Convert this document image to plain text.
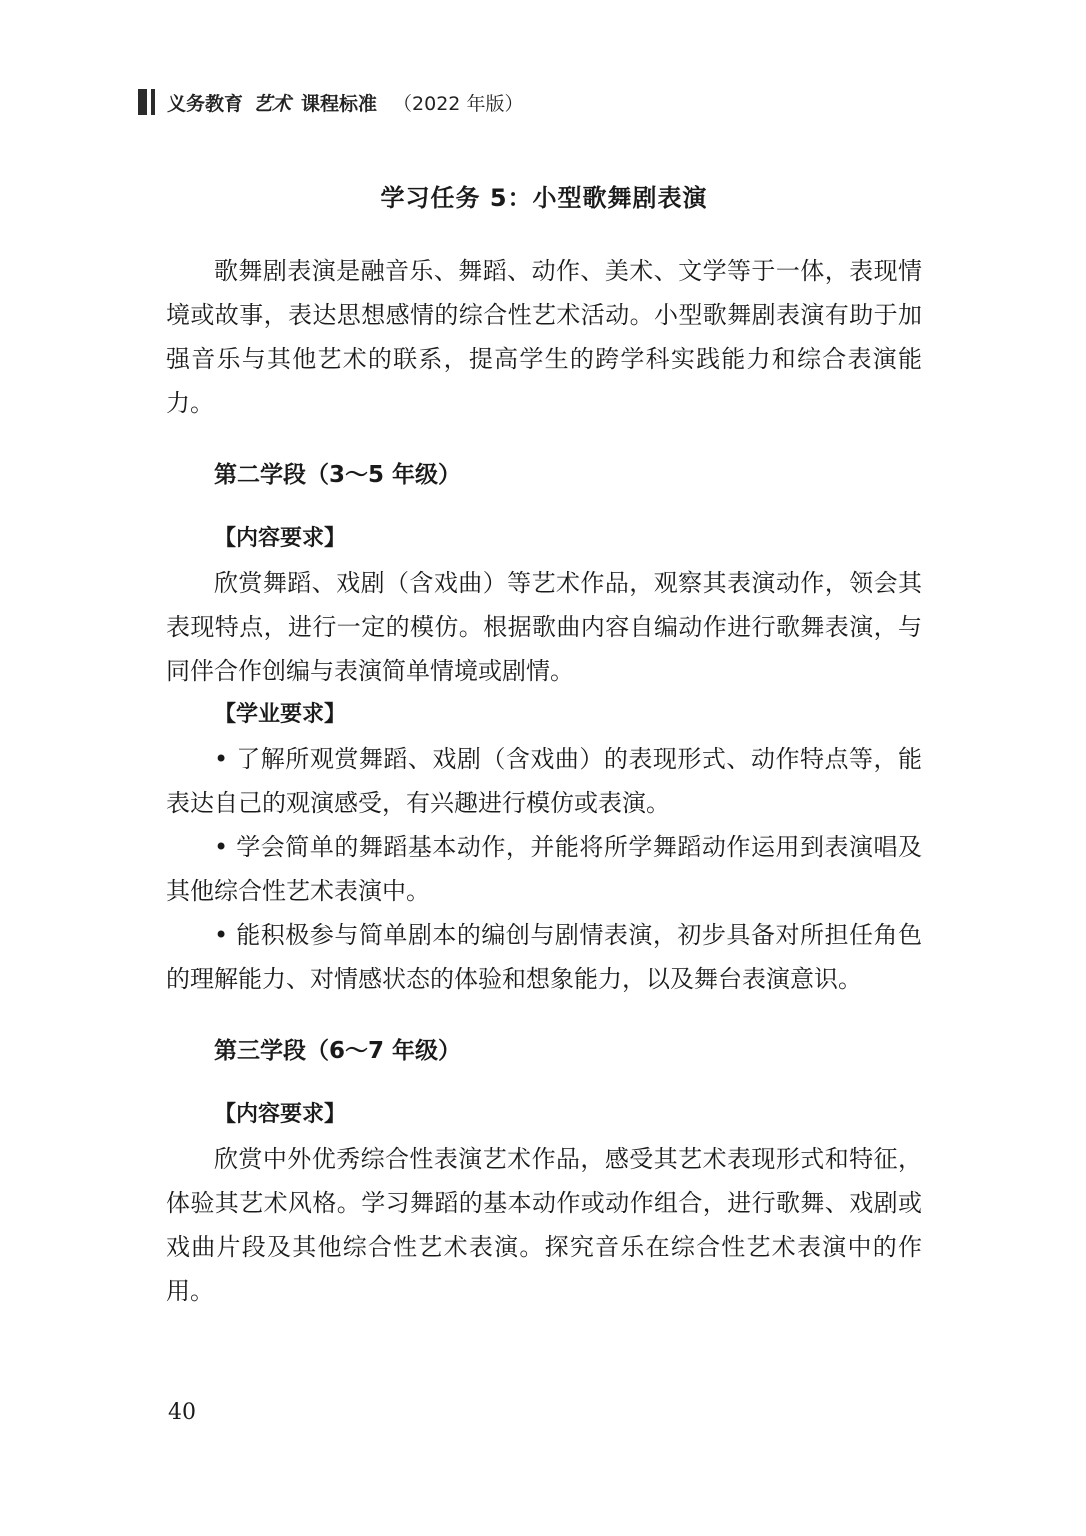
义务教育 艺术 课程标准 （2022 年版）
学习任务 5：小型歌舞剧表演

歌舞剧表演是融音乐、舞蹈、动作、美术、文学等于一体，表现情境或故事，表达思想感情的综合性艺术活动。小型歌舞剧表演有助于加强音乐与其他艺术的联系，提高学生的跨学科实践能力和综合表演能力。

第二学段（3～5 年级）
【内容要求】

欣赏舞蹈、戏剧（含戏曲）等艺术作品，观察其表演动作，领会其表现特点，进行一定的模仿。根据歌曲内容自编动作进行歌舞表演，与同伴合作创编与表演简单情境或剧情。

【学业要求】

• 了解所观赏舞蹈、戏剧（含戏曲）的表现形式、动作特点等，能表达自己的观演感受，有兴趣进行模仿或表演。

• 学会简单的舞蹈基本动作，并能将所学舞蹈动作运用到表演唱及其他综合性艺术表演中。

• 能积极参与简单剧本的编创与剧情表演，初步具备对所担任角色的理解能力、对情感状态的体验和想象能力，以及舞台表演意识。

第三学段（6～7 年级）
【内容要求】

欣赏中外优秀综合性表演艺术作品，感受其艺术表现形式和特征，体验其艺术风格。学习舞蹈的基本动作或动作组合，进行歌舞、戏剧或戏曲片段及其他综合性艺术表演。探究音乐在综合性艺术表演中的作用。

40
